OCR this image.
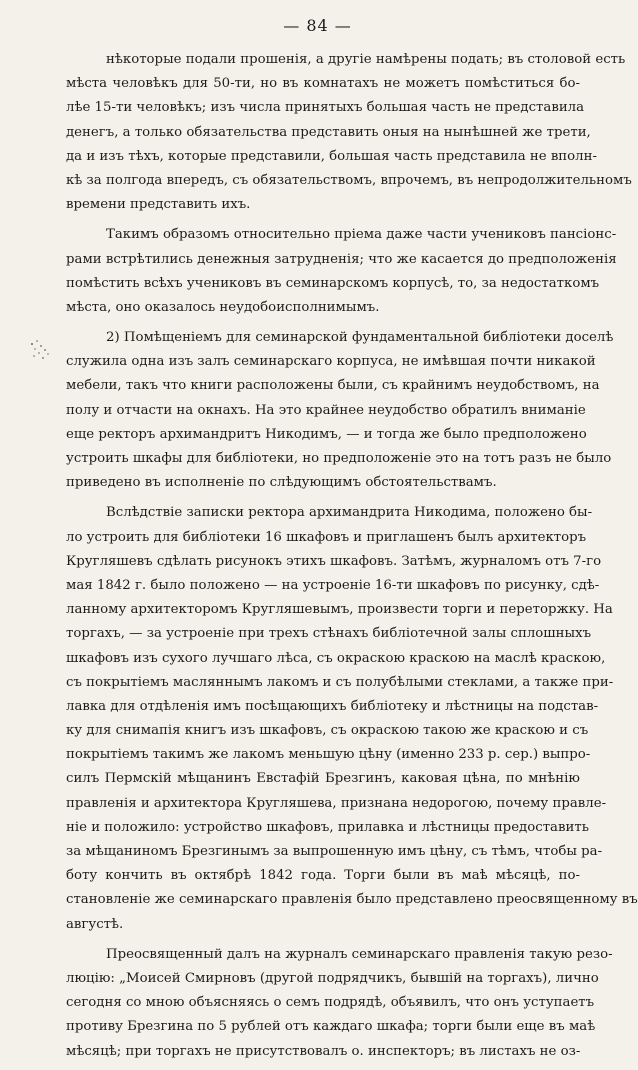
— 84 —
нѣкоторые подали прошенія, а другіе намѣрены подать; въ столовой есть
мѣста человѣкъ для 50-ти, но въ комнатахъ не можетъ помѣститься бо-
лѣе 15-ти человѣкъ; изъ числа принятыхъ большая часть не представила
денегъ, а только обязательства представить оныя на нынѣшней же трети,
да и изъ тѣхъ, которые представили, большая часть представила не вполн-
кѣ за полгода впередъ, съ обязательствомъ, впрочемъ, въ непродолжительномъ
времени представить ихъ.
Такимъ образомъ относительно пріема даже части учениковъ пансіонс-
рами встрѣтились денежныя затрудненія; что же касается до предположенія
помѣстить всѣхъ учениковъ въ семинарскомъ корпусѣ, то, за недостаткомъ
мѣста, оно оказалось неудобоисполнимымъ.
2) Помѣщеніемъ для семинарской фундаментальной библіотеки доселѣ
служила одна изъ залъ семинарскаго корпуса, не имѣвшая почти никакой
мебели, такъ что книги расположены были, съ крайнимъ неудобствомъ, на
полу и отчасти на окнахъ. На это крайнее неудобство обратилъ вниманіе
еще ректоръ архимандритъ Никодимъ, — и тогда же было предположено
устроить шкафы для библіотеки, но предположеніе это на тотъ разъ не было
приведено въ исполненіе по слѣдующимъ обстоятельствамъ.
Вслѣдствіе записки ректора архимандрита Никодима, положено бы-
ло устроить для библіотеки 16 шкафовъ и приглашенъ былъ архитекторъ
Кругляшевъ сдѣлать рисунокъ этихъ шкафовъ. Затѣмъ, журналомъ отъ 7-го
мая 1842 г. было положено — на устроеніе 16-ти шкафовъ по рисунку, сдѣ-
ланному архитекторомъ Кругляшевымъ, произвести торги и переторжку. На
торгахъ, — за устроеніе при трехъ стѣнахъ библіотечной залы сплошныхъ
шкафовъ изъ сухого лучшаго лѣса, съ окраскою краскою на маслѣ краскою,
съ покрытіемъ масляннымъ лакомъ и съ полубѣлыми стеклами, а также при-
лавка для отдѣленія имъ посѣщающихъ библіотеку и лѣстницы на подстав-
ку для снимапія книгъ изъ шкафовъ, съ окраскою такою же краскою и съ
покрытіемъ такимъ же лакомъ меньшую цѣну (именно 233 р. сер.) выпро-
силъ Пермскій мѣщанинъ Евстафій Брезгинъ, каковая цѣна, по мнѣнію
правленія и архитектора Кругляшева, признана недорогою, почему правле-
ніе и положило: устройство шкафовъ, прилавка и лѣстницы предоставить
за мѣщаниномъ Брезгинымъ за выпрошенную имъ цѣну, съ тѣмъ, чтобы ра-
боту кончить въ октябрѣ 1842 года. Торги были въ маѣ мѣсяцѣ, по-
становленіе же семинарскаго правленія было представлено преосвященному въ
августѣ.
Преосвященный далъ на журналъ семинарскаго правленія такую резо-
люцію: „Моисей Смирновъ (другой подрядчикъ, бывшій на торгахъ), лично
сегодня со мною объясняясь о семъ подрядѣ, объявилъ, что онъ уступаетъ
противу Брезгина по 5 рублей отъ каждаго шкафа; торги были еще въ маѣ
мѣсяцѣ; при торгахъ не присутствовалъ о. инспекторъ; въ листахъ не оз-
